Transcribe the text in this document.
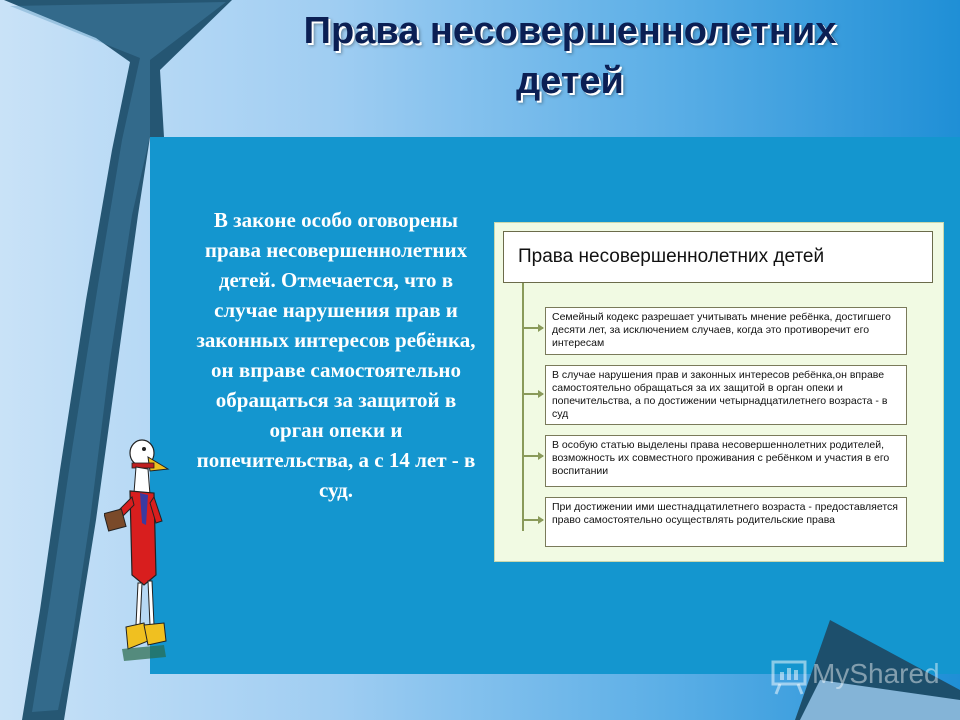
Права несовершеннолетних
детей
В законе особо оговорены права несовершеннолетних детей. Отмечается, что в случае нарушения прав и законных интересов ребёнка, он вправе самостоятельно обращаться за защитой в орган опеки и попечительства, а с 14 лет - в суд.
Права несовершеннолетних детей
Семейный кодекс разрешает учитывать мнение ребёнка, достигшего десяти лет, за исключением случаев, когда это противоречит его интересам
В случае нарушения прав и законных интересов ребёнка,он вправе самостоятельно обращаться за их защитой в орган опеки и попечительства, а по достижении четырнадцатилетнего возраста - в суд
В особую статью выделены права несовершеннолетних родителей, возможность их совместного проживания с ребёнком и участия в его воспитании
При достижении ими шестнадцатилетнего возраста - предоставляется право самостоятельно осуществлять родительские права
MyShared
